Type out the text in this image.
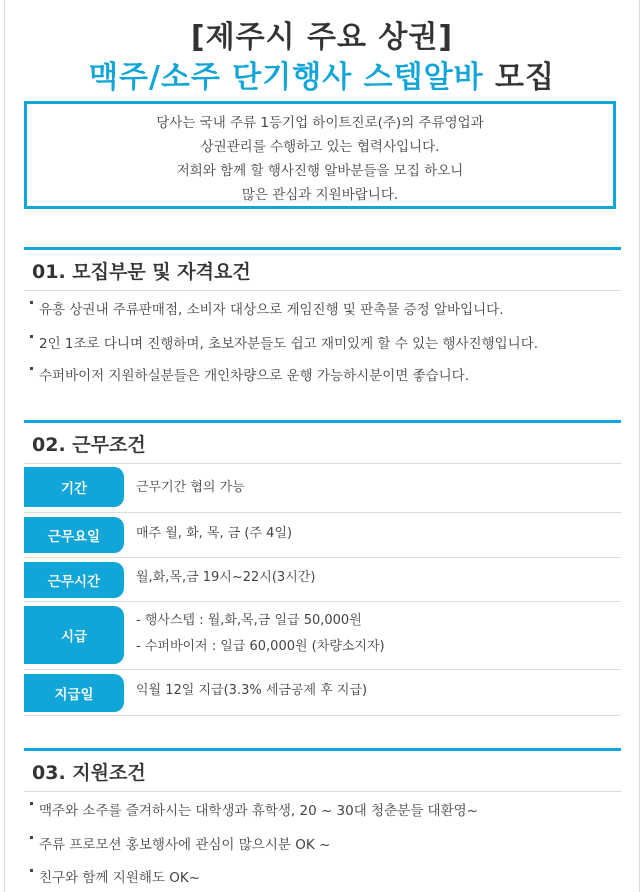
[제주시 주요 상권]
맥주/소주 단기행사 스텝알바 모집
당사는 국내 주류 1등기업 하이트진로(주)의 주류영업과
상권관리를 수행하고 있는 협력사입니다.
저희와 함께 할 행사진행 알바분들을 모집 하오니
많은 관심과 지원바랍니다.
01. 모집부문 및 자격요건
유흥 상권내 주류판매점, 소비자 대상으로 게임진행 및 판촉물 증정 알바입니다.
2인 1조로 다니며 진행하며, 초보자분들도 쉽고 재미있게 할 수 있는 행사진행입니다.
수퍼바이저 지원하실분들은 개인차량으로 운행 가능하시분이면 좋습니다.
02. 근무조건
기간	근무기간 협의 가능
근무요일	매주 월, 화, 목, 금 (주 4일)
근무시간	월,화,목,금 19시~22시(3시간)
시급
- 행사스텝 : 월,화,목,금 일급 50,000원
- 수퍼바이저 : 일급 60,000원 (차량소지자)
지급일	익월 12일 지급(3.3% 세금공제 후 지급)
03. 지원조건
맥주와 소주를 즐겨하시는 대학생과 휴학생, 20 ~ 30대 청춘분들 대환영~
주류 프로모션 홍보행사에 관심이 많으시분 OK ~
친구와 함께 지원해도 OK~
